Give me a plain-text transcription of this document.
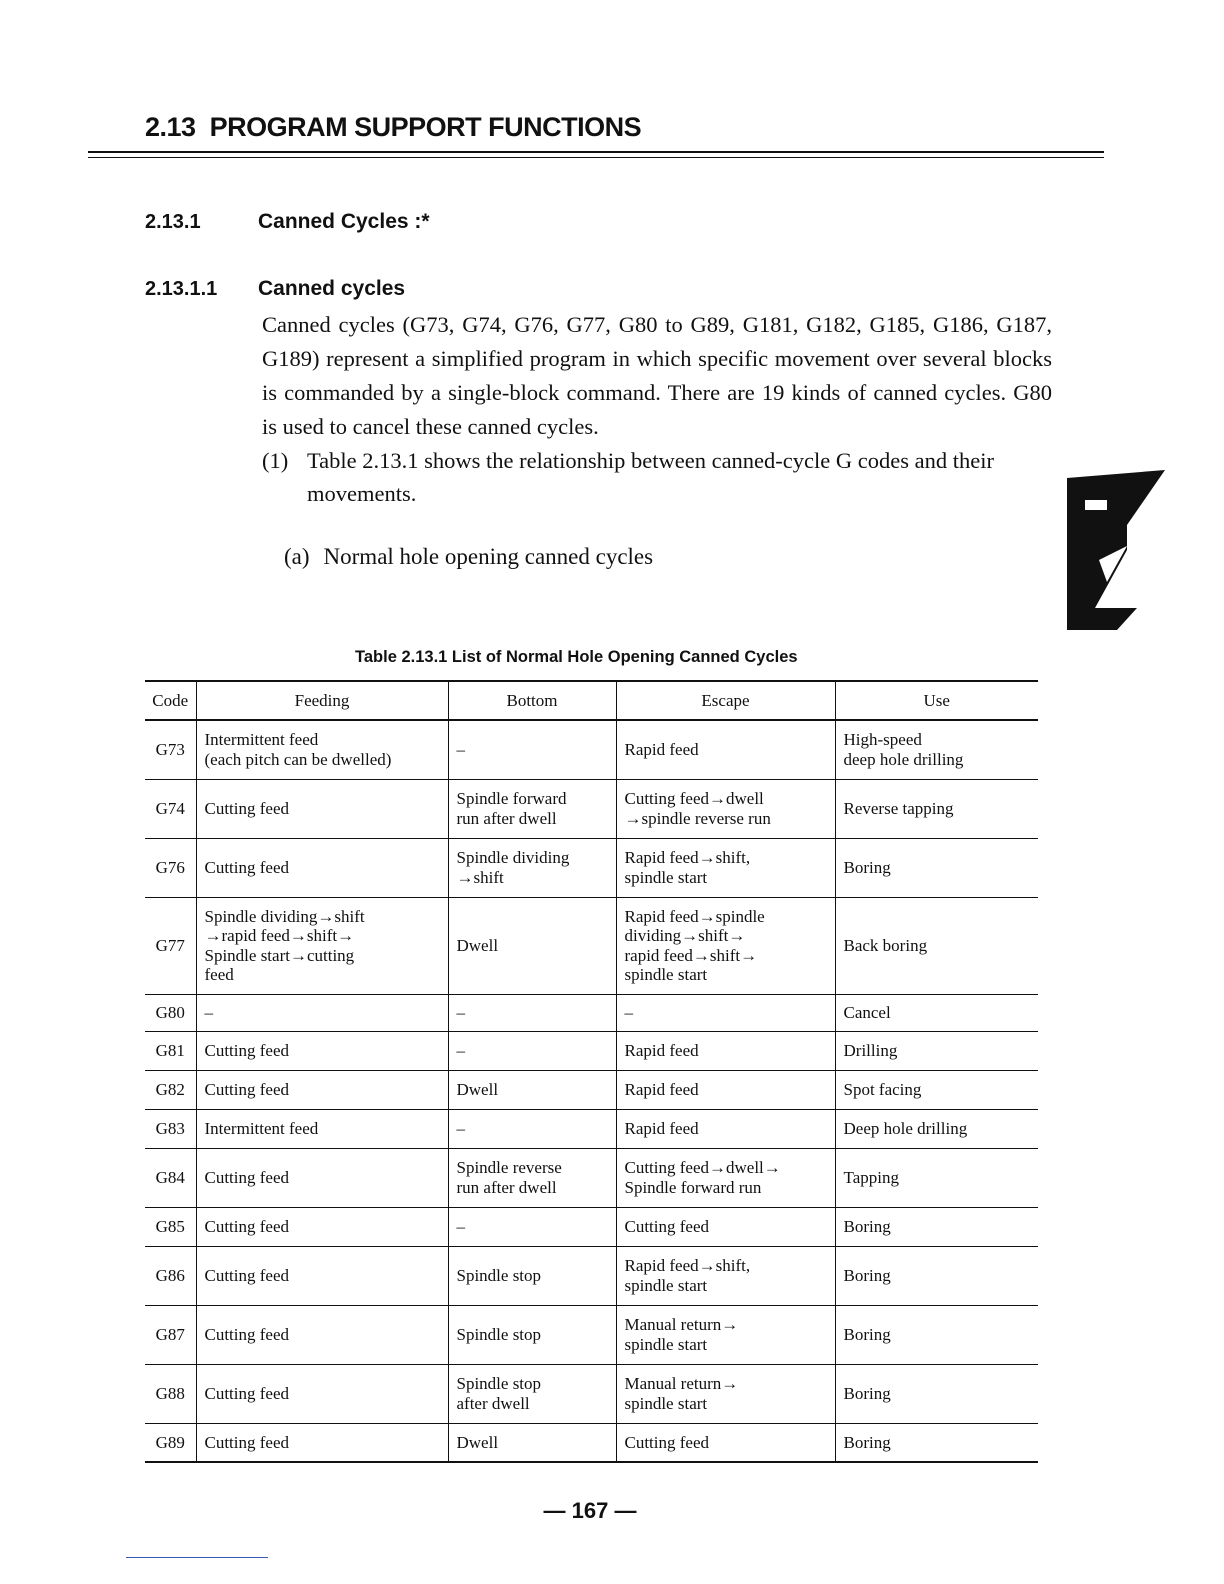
2.13 PROGRAM SUPPORT FUNCTIONS
2.13.1	Canned Cycles :*
2.13.1.1 Canned cycles

Canned cycles (G73, G74, G76, G77, G80 to G89, G181, G182, G185, G186, G187, G189) represent a simplified program in which specific movement over several blocks is commanded by a single-block command. There are 19 kinds of canned cycles. G80 is used to cancel these canned cycles.

(1) Table 2.13.1 shows the relationship between canned-cycle G codes and their movements.
(a) Normal hole opening canned cycles
Table 2.13.1 List of Normal Hole Opening Canned Cycles
Code	Feeding	Bottom	Escape	Use
G73	Intermittent feed
(each pitch can be dwelled)	–	Rapid feed	High-speed
deep hole drilling

G74	Cutting feed	Spindle forward
run after dwell	Cutting feed→dwell
→spindle reverse run	Reverse tapping

G76	Cutting feed	Spindle dividing
→shift	Rapid feed→shift,
spindle start	Boring

G77	Spindle dividing→shift
→rapid feed→shift→
Spindle start→cutting
feed	Dwell	Rapid feed→spindle
dividing→shift→
rapid feed→shift→
spindle start	Back boring

G80	–	–	–	Cancel

G81	Cutting feed	–	Rapid feed	Drilling

G82	Cutting feed	Dwell	Rapid feed	Spot facing

G83	Intermittent feed	–	Rapid feed	Deep hole drilling

G84	Cutting feed	Spindle reverse
run after dwell	Cutting feed→dwell→
Spindle forward run	Tapping

G85	Cutting feed	–	Cutting feed	Boring

G86	Cutting feed	Spindle stop	Rapid feed→shift,
spindle start	Boring

G87	Cutting feed	Spindle stop	Manual return→
spindle start	Boring

G88	Cutting feed	Spindle stop
after dwell	Manual return→
spindle start	Boring

G89	Cutting feed	Dwell	Cutting feed	Boring
— 167 —
